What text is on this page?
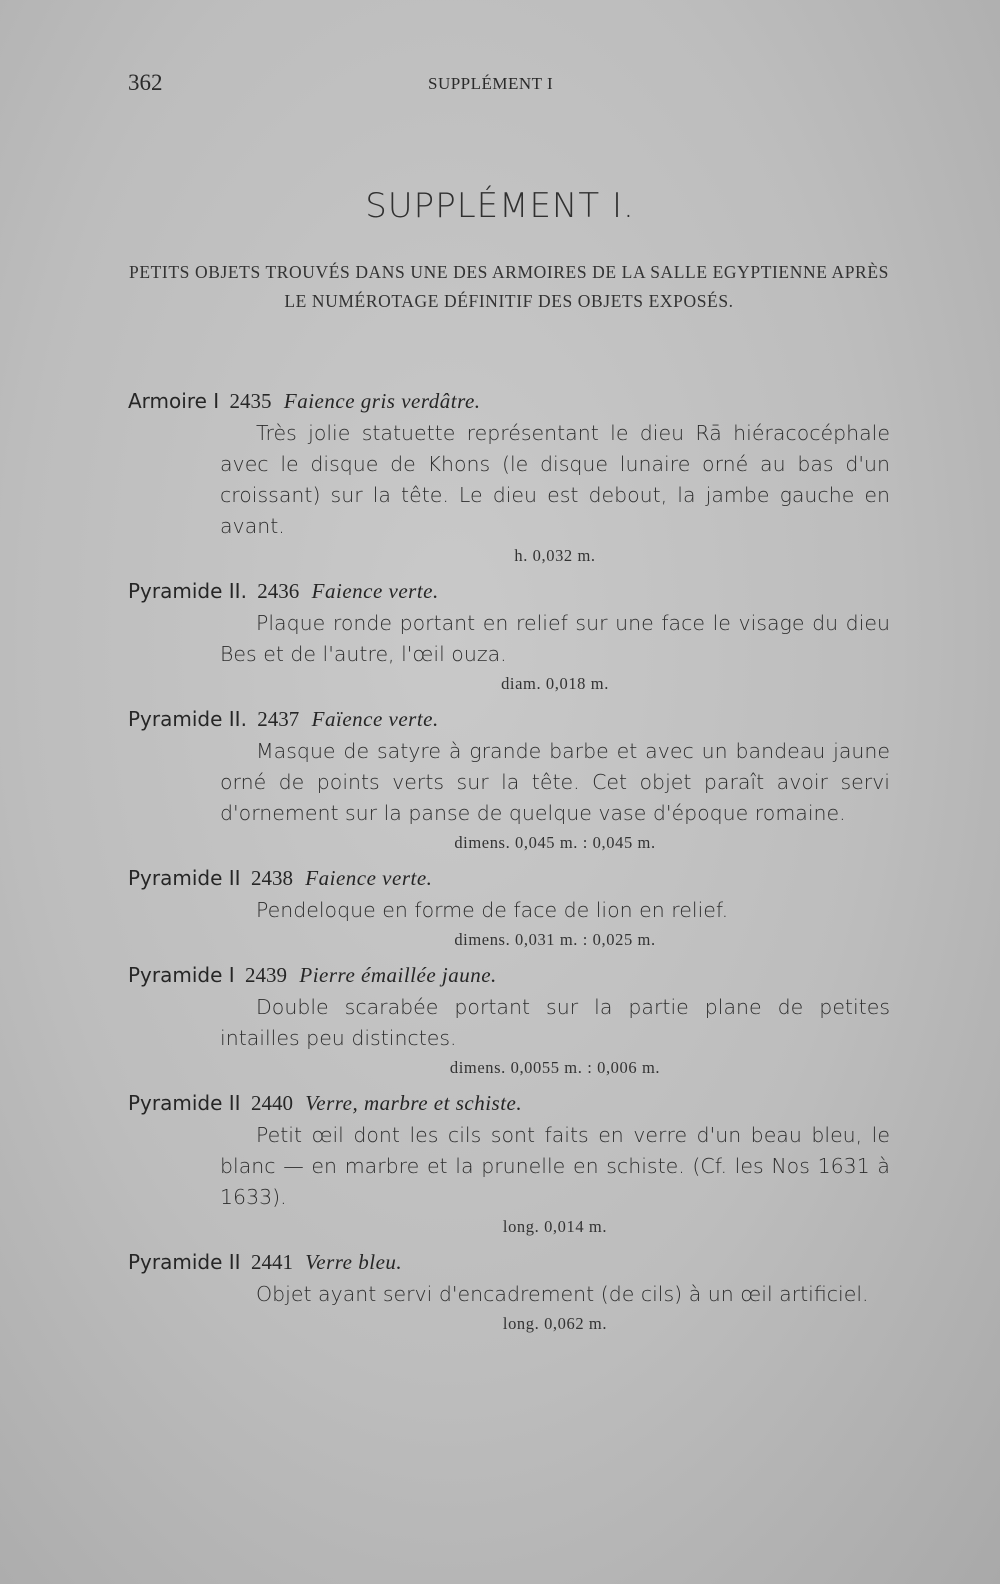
362	SUPPLÉMENT I
SUPPLÉMENT I.
PETITS OBJETS TROUVÉS DANS UNE DES ARMOIRES DE LA SALLE EGYPTIENNE APRÈS LE NUMÉROTAGE DÉFINITIF DES OBJETS EXPOSÉS.
Armoire I 2435 Faience gris verdâtre.

Très jolie statuette représentant le dieu Rā hiéracocéphale avec le disque de Khons (le disque lunaire orné au bas d'un croissant) sur la tête. Le dieu est debout, la jambe gauche en avant.

h. 0,032 m.
Pyramide II. 2436 Faience verte.

Plaque ronde portant en relief sur une face le visage du dieu Bes et de l'autre, l'œil ouza.

diam. 0,018 m.
Pyramide II. 2437 Faïence verte.

Masque de satyre à grande barbe et avec un bandeau jaune orné de points verts sur la tête. Cet objet paraît avoir servi d'ornement sur la panse de quelque vase d'époque romaine.

dimens. 0,045 m. : 0,045 m.
Pyramide II 2438 Faience verte.

Pendeloque en forme de face de lion en relief.

dimens. 0,031 m. : 0,025 m.
Pyramide I 2439 Pierre émaillée jaune.

Double scarabée portant sur la partie plane de petites intailles peu distinctes.

dimens. 0,0055 m. : 0,006 m.
Pyramide II 2440 Verre, marbre et schiste.

Petit œil dont les cils sont faits en verre d'un beau bleu, le blanc — en marbre et la prunelle en schiste. (Cf. les Nos 1631 à 1633).

long. 0,014 m.
Pyramide II 2441 Verre bleu.

Objet ayant servi d'encadrement (de cils) à un œil artificiel.

long. 0,062 m.
